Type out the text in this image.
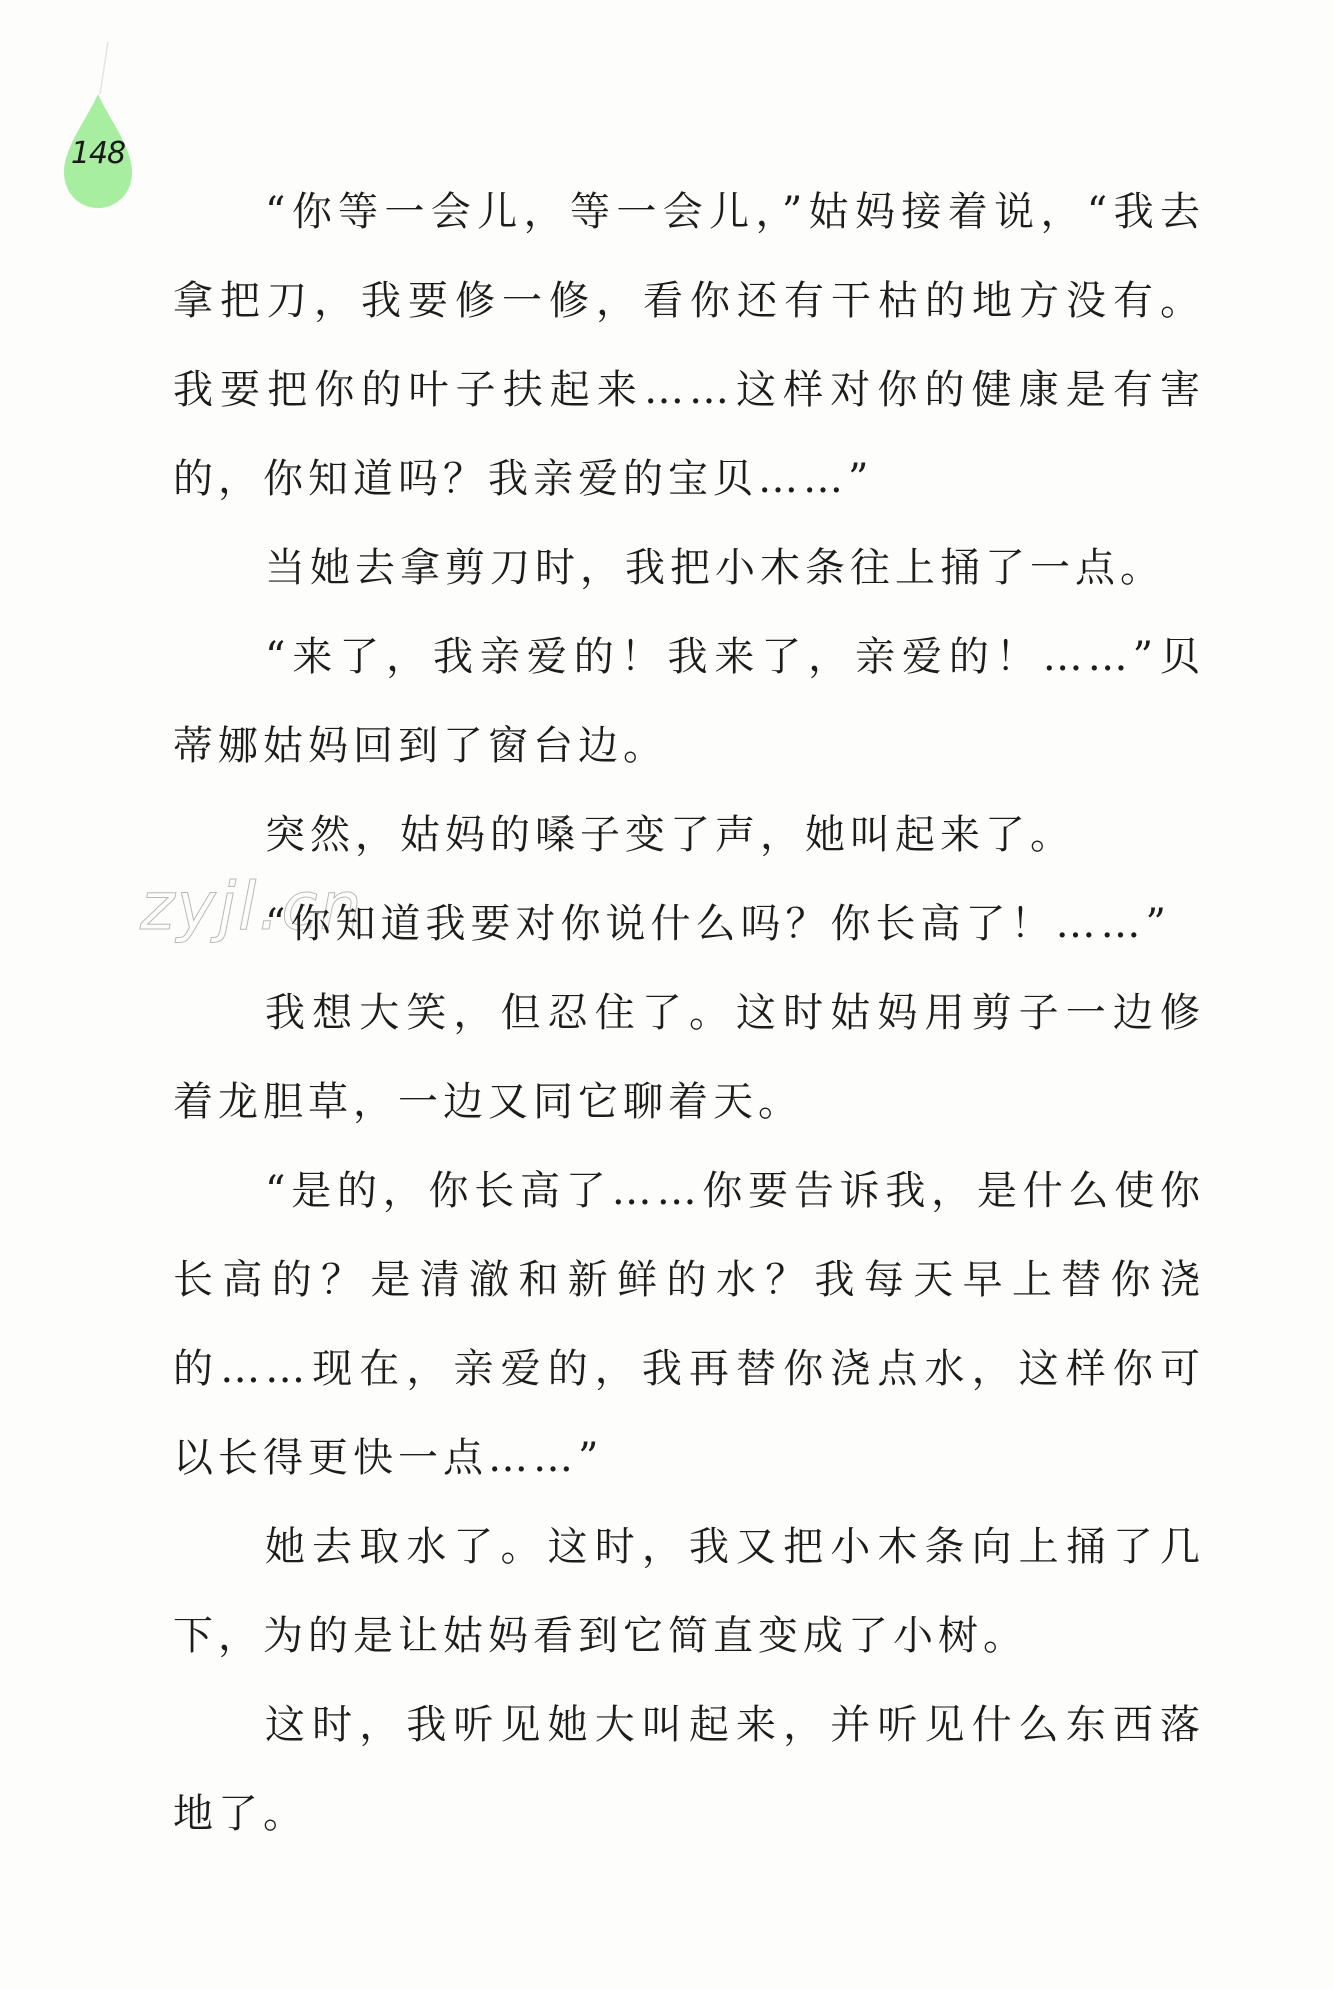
148
zyjl.cn

“你等一会儿，等一会儿，”姑妈接着说，“我去拿把刀，我要修一修，看你还有干枯的地方没有。我要把你的叶子扶起来……这样对你的健康是有害的，你知道吗？我亲爱的宝贝……”

当她去拿剪刀时，我把小木条往上捅了一点。

“来了，我亲爱的！我来了，亲爱的！……”贝蒂娜姑妈回到了窗台边。

突然，姑妈的嗓子变了声，她叫起来了。

“你知道我要对你说什么吗？你长高了！……”

我想大笑，但忍住了。这时姑妈用剪子一边修着龙胆草，一边又同它聊着天。

“是的，你长高了……你要告诉我，是什么使你长高的？是清澈和新鲜的水？我每天早上替你浇的……现在，亲爱的，我再替你浇点水，这样你可以长得更快一点……”

她去取水了。这时，我又把小木条向上捅了几下，为的是让姑妈看到它简直变成了小树。

这时，我听见她大叫起来，并听见什么东西落地了。
